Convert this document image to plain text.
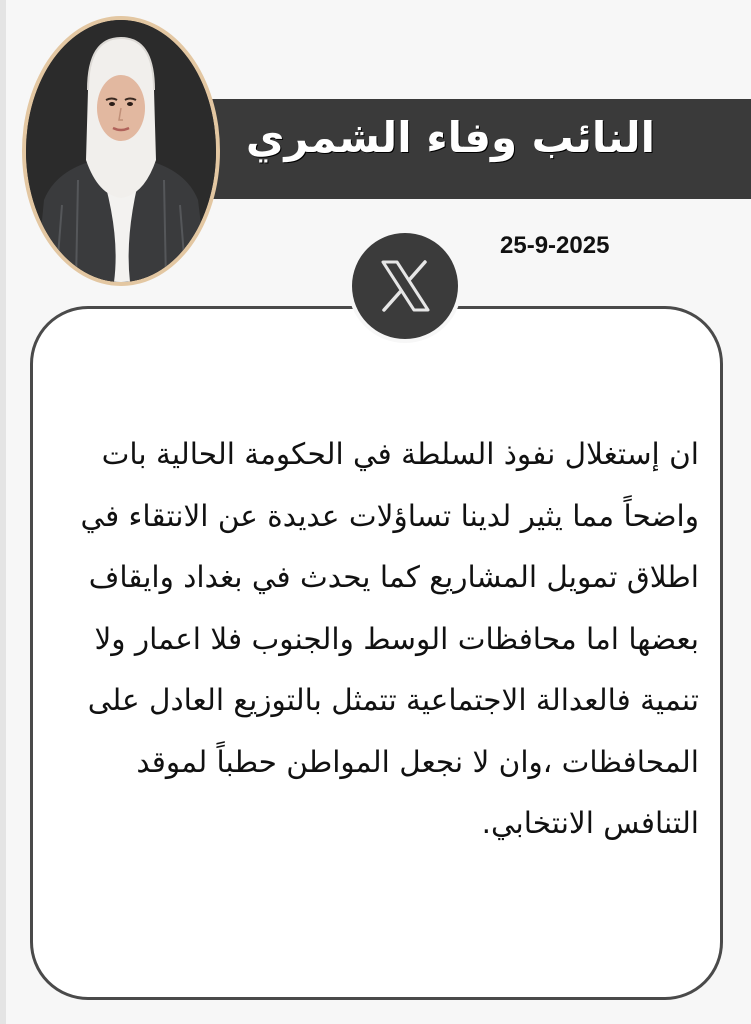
النائب وفاء الشمري
25-9-2025
ان إستغلال نفوذ السلطة في الحكومة الحالية بات
واضحاً مما يثير لدينا تساؤلات عديدة عن الانتقاء في
اطلاق تمويل المشاريع كما يحدث في بغداد وايقاف
بعضها اما محافظات الوسط والجنوب فلا اعمار ولا
تنمية فالعدالة الاجتماعية تتمثل بالتوزيع العادل على
المحافظات ،وان لا نجعل المواطن حطباً لموقد
التنافس الانتخابي.
